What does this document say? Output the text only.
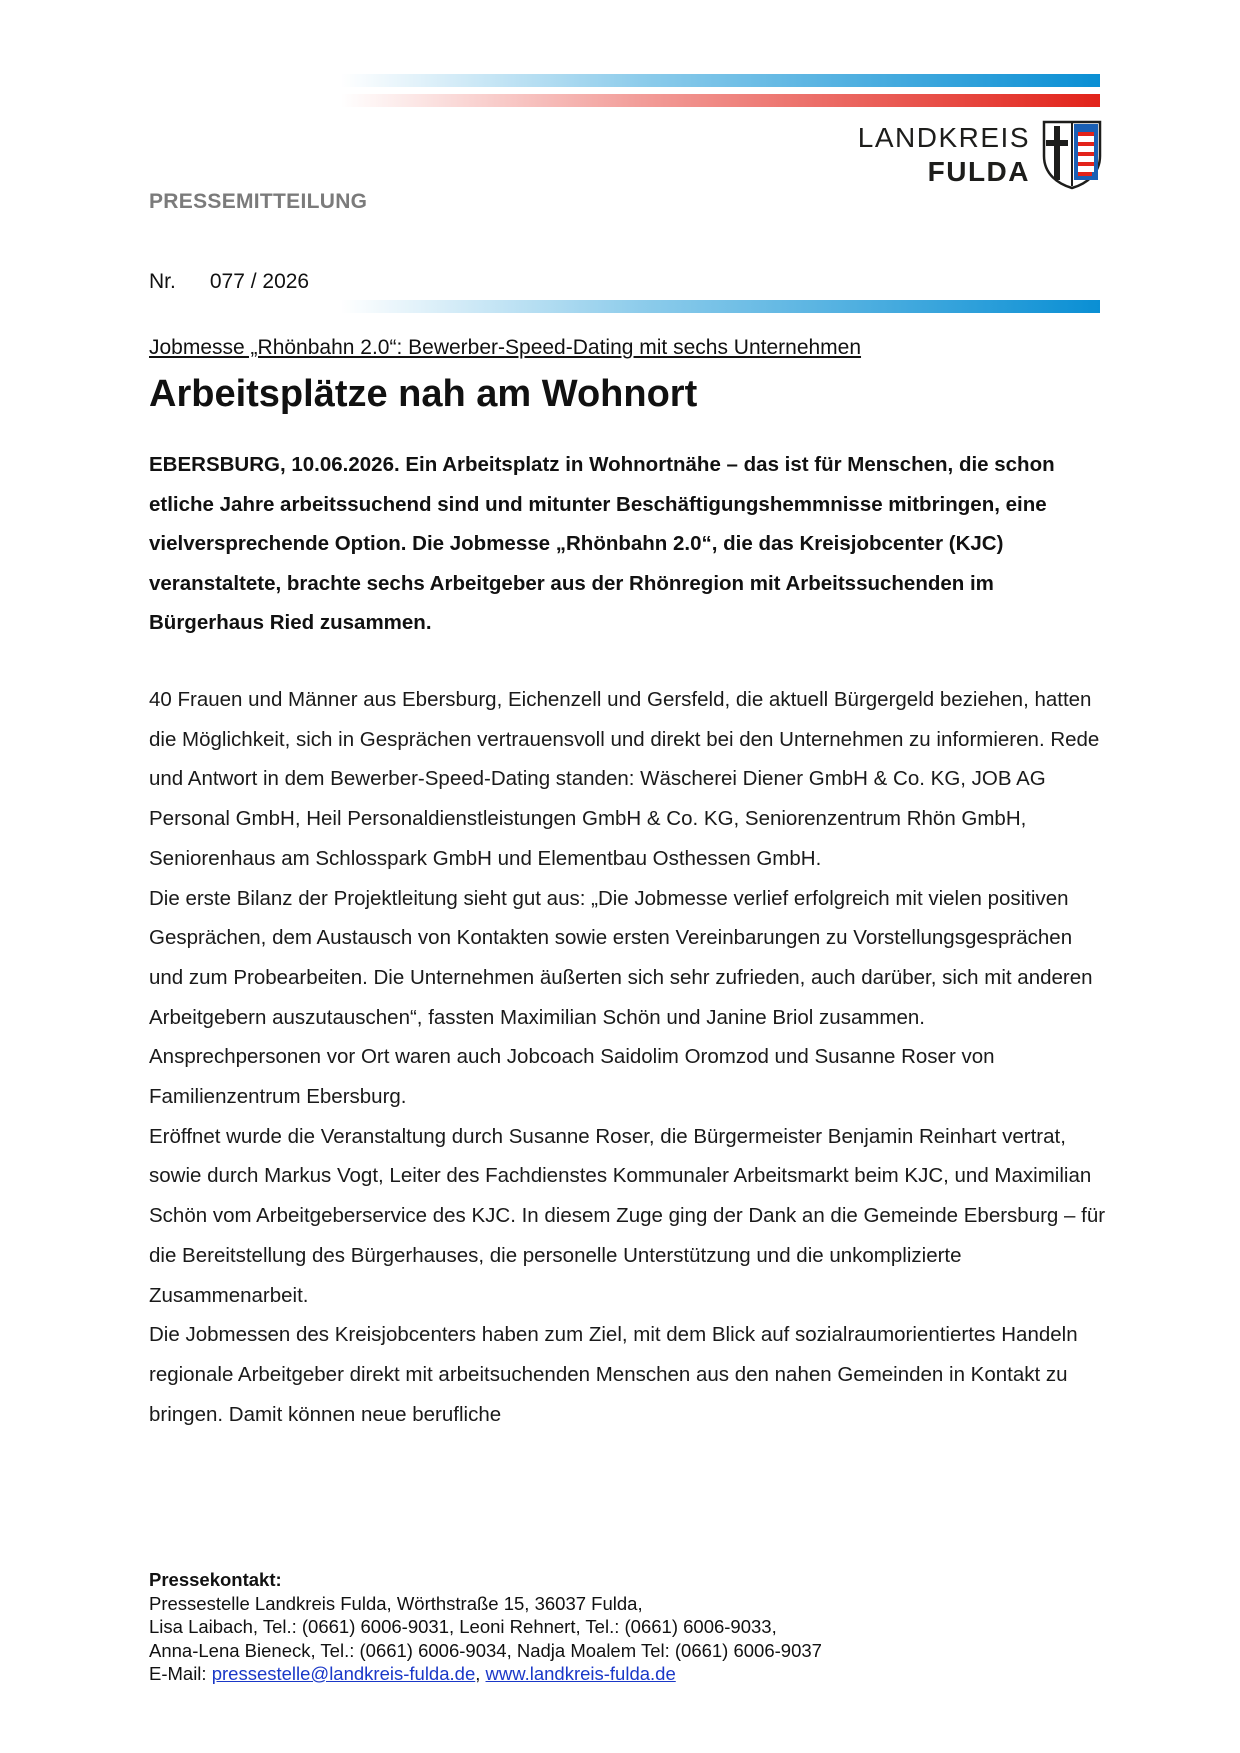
LANDKREIS
FULDA
PRESSEMITTEILUNG
Nr. 077 / 2026
Jobmesse „Rhönbahn 2.0“: Bewerber-Speed-Dating mit sechs Unternehmen
Arbeitsplätze nah am Wohnort
EBERSBURG, 10.06.2026. Ein Arbeitsplatz in Wohnortnähe – das ist für Menschen, die schon etliche Jahre arbeitssuchend sind und mitunter Beschäftigungshemmnisse mitbringen, eine vielversprechende Option. Die Jobmesse „Rhönbahn 2.0“, die das Kreisjobcenter (KJC) veranstaltete, brachte sechs Arbeitgeber aus der Rhönregion mit Arbeitssuchenden im Bürgerhaus Ried zusammen.

40 Frauen und Männer aus Ebersburg, Eichenzell und Gersfeld, die aktuell Bürgergeld beziehen, hatten die Möglichkeit, sich in Gesprächen vertrauensvoll und direkt bei den Unternehmen zu informieren. Rede und Antwort in dem Bewerber-Speed-Dating standen: Wäscherei Diener GmbH & Co. KG, JOB AG Personal GmbH, Heil Personaldienstleistungen GmbH & Co. KG, Seniorenzentrum Rhön GmbH, Seniorenhaus am Schlosspark GmbH und Elementbau Osthessen GmbH.

Die erste Bilanz der Projektleitung sieht gut aus: „Die Jobmesse verlief erfolgreich mit vielen positiven Gesprächen, dem Austausch von Kontakten sowie ersten Vereinbarungen zu Vorstellungsgesprächen und zum Probearbeiten. Die Unternehmen äußerten sich sehr zufrieden, auch darüber, sich mit anderen Arbeitgebern auszutauschen“, fassten Maximilian Schön und Janine Briol zusammen.

Ansprechpersonen vor Ort waren auch Jobcoach Saidolim Oromzod und Susanne Roser von Familienzentrum Ebersburg.

Eröffnet wurde die Veranstaltung durch Susanne Roser, die Bürgermeister Benjamin Reinhart vertrat, sowie durch Markus Vogt, Leiter des Fachdienstes Kommunaler Arbeitsmarkt beim KJC, und Maximilian Schön vom Arbeitgeberservice des KJC. In diesem Zuge ging der Dank an die Gemeinde Ebersburg – für die Bereitstellung des Bürgerhauses, die personelle Unterstützung und die unkomplizierte Zusammenarbeit.

Die Jobmessen des Kreisjobcenters haben zum Ziel, mit dem Blick auf sozialraumorientiertes Handeln regionale Arbeitgeber direkt mit arbeitsuchenden Menschen aus den nahen Gemeinden in Kontakt zu bringen. Damit können neue berufliche

Pressekontakt:
Pressestelle Landkreis Fulda, Wörthstraße 15, 36037 Fulda,
Lisa Laibach, Tel.: (0661) 6006-9031, Leoni Rehnert, Tel.: (0661) 6006-9033,
Anna-Lena Bieneck, Tel.: (0661) 6006-9034, Nadja Moalem Tel: (0661) 6006-9037
E-Mail: pressestelle@landkreis-fulda.de, www.landkreis-fulda.de
